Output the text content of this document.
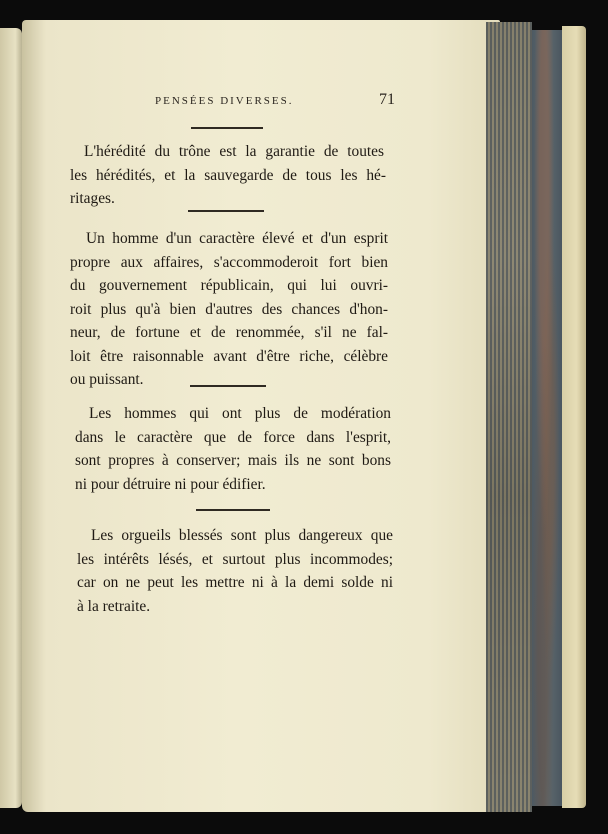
PENSÉES DIVERSES.	71
L'hérédité du trône est la garantie de toutes
les hérédités, et la sauvegarde de tous les hé-
ritages.
Un homme d'un caractère élevé et d'un esprit
propre aux affaires, s'accommoderoit fort bien
du gouvernement républicain, qui lui ouvri-
roit plus qu'à bien d'autres des chances d'hon-
neur, de fortune et de renommée, s'il ne fal-
loit être raisonnable avant d'être riche, célèbre
ou puissant.
Les hommes qui ont plus de modération
dans le caractère que de force dans l'esprit,
sont propres à conserver; mais ils ne sont bons
ni pour détruire ni pour édifier.
Les orgueils blessés sont plus dangereux que
les intérêts lésés, et surtout plus incommodes;
car on ne peut les mettre ni à la demi solde ni
à la retraite.
